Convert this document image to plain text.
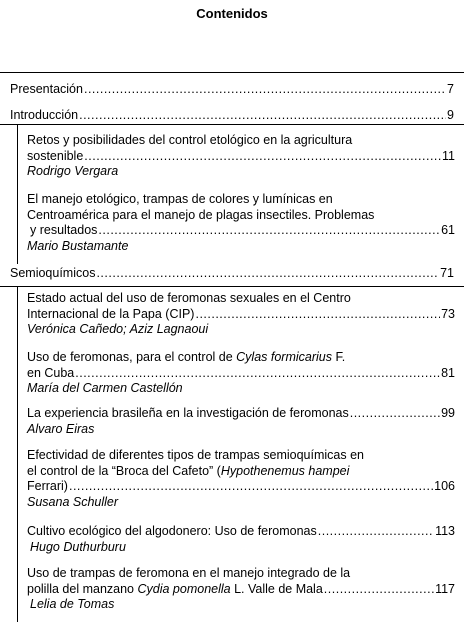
Contenidos
Presentación .....	7
Introducción .....	9
Retos y posibilidades del control etológico en la agricultura
sostenible .....	11
Rodrigo Vergara
El manejo etológico, trampas de colores y lumínicas en
Centroamérica para el manejo de plagas insectiles. Problemas
y resultados .....	61
Mario Bustamante
Semioquímicos .....	71
Estado actual del uso de feromonas sexuales en el Centro
Internacional de la Papa (CIP) .....	73
Verónica Cañedo; Aziz Lagnaoui
Uso de feromonas, para el control de Cylas formicarius F.
en Cuba .....	81
María del Carmen Castellón
La experiencia brasileña en la investigación de feromonas .....	99
Alvaro Eiras
Efectividad de diferentes tipos de trampas semioquímicas en
el control de la “Broca del Cafeto” (Hypothenemus hampei
Ferrari) .....	106
Susana Schuller
Cultivo ecológico del algodonero: Uso de feromonas .....	113
Hugo Duthurburu
Uso de trampas de feromona en el manejo integrado de la
polilla del manzano Cydia pomonella L. Valle de Mala .....	117
Lelia de Tomas
